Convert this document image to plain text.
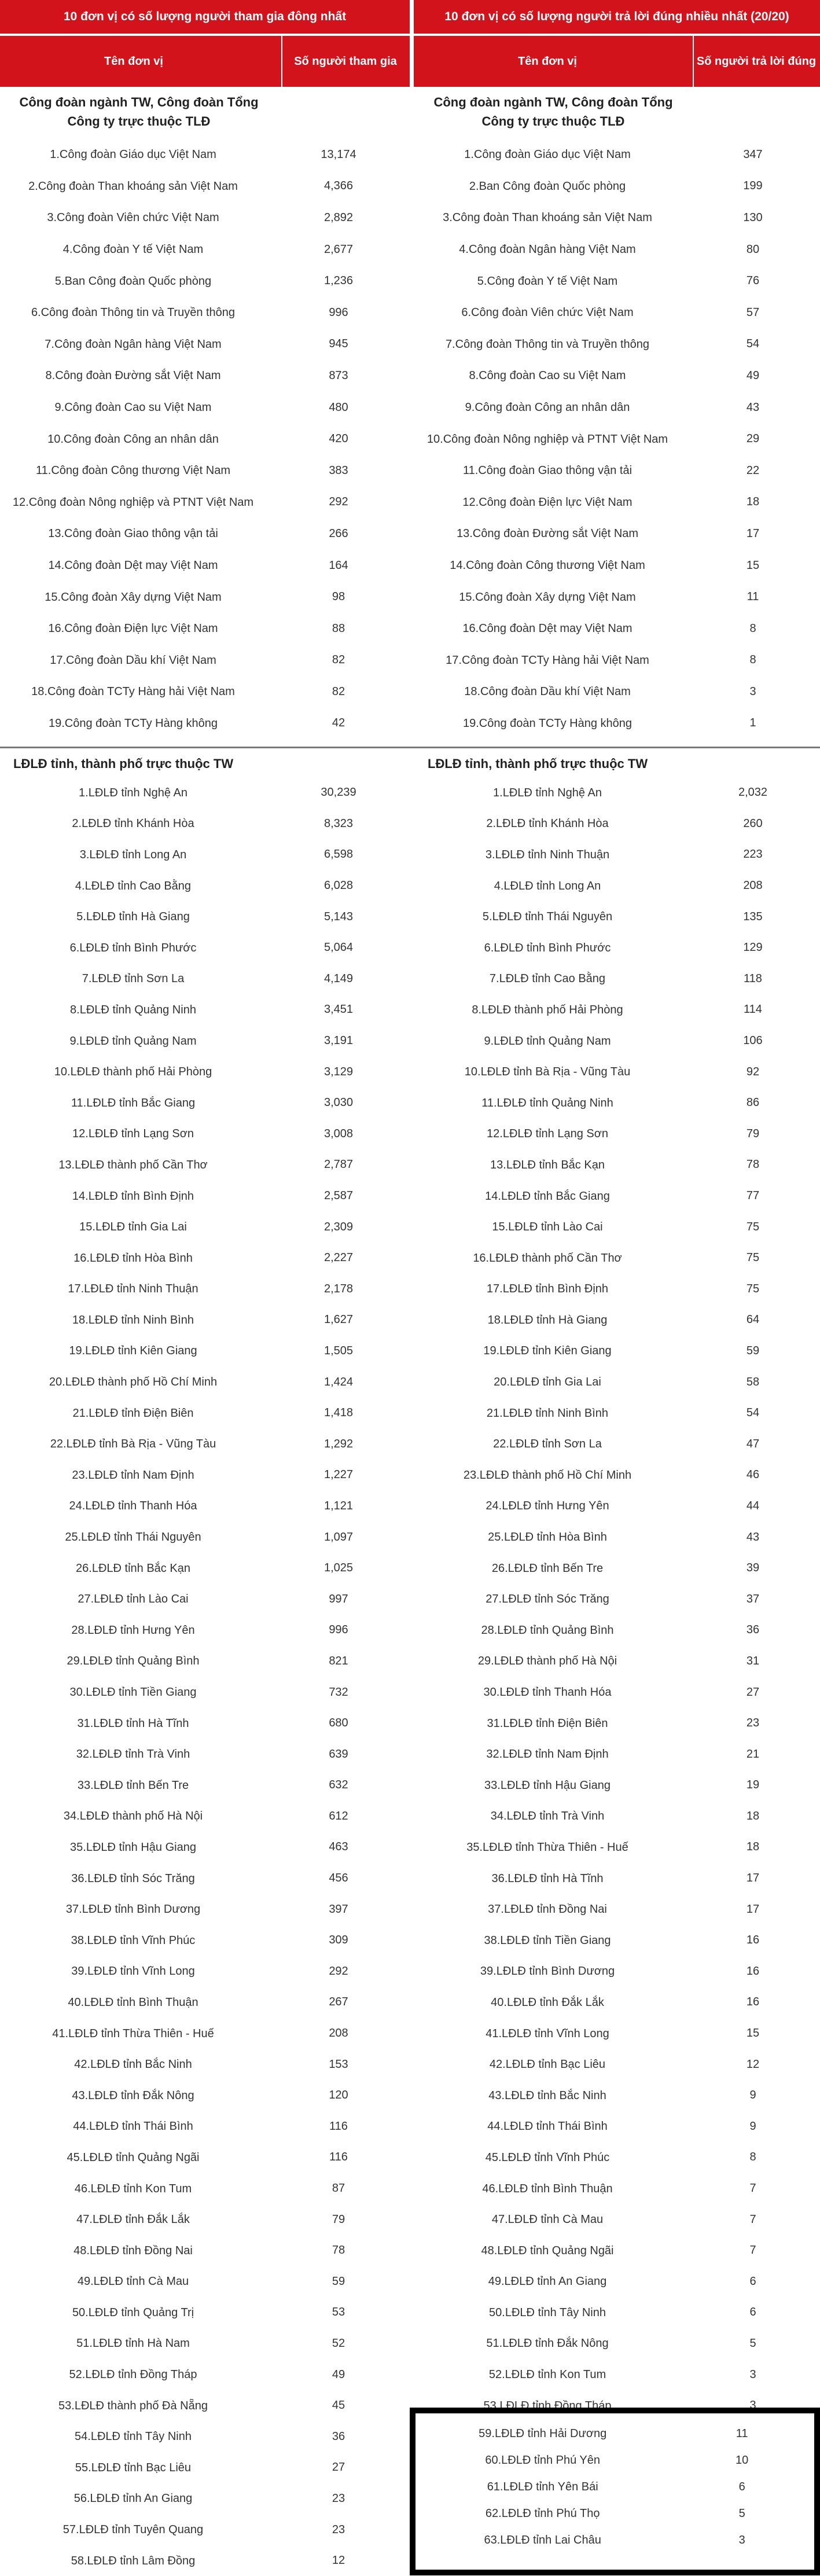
10 đơn vị có số lượng người tham gia đông nhất	10 đơn vị có số lượng người trả lời đúng nhiều nhất (20/20)
Tên đơn vị	Số người tham gia	Tên đơn vị	Số người trả lời đúng
Công đoàn ngành TW, Công đoàn Tổng Công ty trực thuộc TLĐ
1.Công đoàn Giáo dục Việt Nam	13,174
2.Công đoàn Than khoáng sản Việt Nam	4,366
3.Công đoàn Viên chức Việt Nam	2,892
4.Công đoàn Y tế Việt Nam	2,677
5.Ban Công đoàn Quốc phòng	1,236
6.Công đoàn Thông tin và Truyền thông	996
7.Công đoàn Ngân hàng Việt Nam	945
8.Công đoàn Đường sắt Việt Nam	873
9.Công đoàn Cao su Việt Nam	480
10.Công đoàn Công an nhân dân	420
11.Công đoàn Công thương Việt Nam	383
12.Công đoàn Nông nghiệp và PTNT Việt Nam	292
13.Công đoàn Giao thông vận tải	266
14.Công đoàn Dệt may Việt Nam	164
15.Công đoàn Xây dựng Việt Nam	98
16.Công đoàn Điện lực Việt Nam	88
17.Công đoàn Dầu khí Việt Nam	82
18.Công đoàn TCTy Hàng hải Việt Nam	82
19.Công đoàn TCTy Hàng không	42
Công đoàn ngành TW, Công đoàn Tổng Công ty trực thuộc TLĐ
1.Công đoàn Giáo dục Việt Nam	347
2.Ban Công đoàn Quốc phòng	199
3.Công đoàn Than khoáng sản Việt Nam	130
4.Công đoàn Ngân hàng Việt Nam	80
5.Công đoàn Y tế Việt Nam	76
6.Công đoàn Viên chức Việt Nam	57
7.Công đoàn Thông tin và Truyền thông	54
8.Công đoàn Cao su Việt Nam	49
9.Công đoàn Công an nhân dân	43
10.Công đoàn Nông nghiệp và PTNT Việt Nam	29
11.Công đoàn Giao thông vận tải	22
12.Công đoàn Điện lực Việt Nam	18
13.Công đoàn Đường sắt Việt Nam	17
14.Công đoàn Công thương Việt Nam	15
15.Công đoàn Xây dựng Việt Nam	11
16.Công đoàn Dệt may Việt Nam	8
17.Công đoàn TCTy Hàng hải Việt Nam	8
18.Công đoàn Dầu khí Việt Nam	3
19.Công đoàn TCTy Hàng không	1
LĐLĐ tỉnh, thành phố trực thuộc TW
1.LĐLĐ tỉnh Nghệ An	30,239
2.LĐLĐ tỉnh Khánh Hòa	8,323
3.LĐLĐ tỉnh Long An	6,598
4.LĐLĐ tỉnh Cao Bằng	6,028
5.LĐLĐ tỉnh Hà Giang	5,143
6.LĐLĐ tỉnh Bình Phước	5,064
7.LĐLĐ tỉnh Sơn La	4,149
8.LĐLĐ tỉnh Quảng Ninh	3,451
9.LĐLĐ tỉnh Quảng Nam	3,191
10.LĐLĐ thành phố Hải Phòng	3,129
11.LĐLĐ tỉnh Bắc Giang	3,030
12.LĐLĐ tỉnh Lạng Sơn	3,008
13.LĐLĐ thành phố Cần Thơ	2,787
14.LĐLĐ tỉnh Bình Định	2,587
15.LĐLĐ tỉnh Gia Lai	2,309
16.LĐLĐ tỉnh Hòa Bình	2,227
17.LĐLĐ tỉnh Ninh Thuận	2,178
18.LĐLĐ tỉnh Ninh Bình	1,627
19.LĐLĐ tỉnh Kiên Giang	1,505
20.LĐLĐ thành phố Hồ Chí Minh	1,424
21.LĐLĐ tỉnh Điện Biên	1,418
22.LĐLĐ tỉnh Bà Rịa - Vũng Tàu	1,292
23.LĐLĐ tỉnh Nam Định	1,227
24.LĐLĐ tỉnh Thanh Hóa	1,121
25.LĐLĐ tỉnh Thái Nguyên	1,097
26.LĐLĐ tỉnh Bắc Kạn	1,025
27.LĐLĐ tỉnh Lào Cai	997
28.LĐLĐ tỉnh Hưng Yên	996
29.LĐLĐ tỉnh Quảng Bình	821
30.LĐLĐ tỉnh Tiền Giang	732
31.LĐLĐ tỉnh Hà Tĩnh	680
32.LĐLĐ tỉnh Trà Vinh	639
33.LĐLĐ tỉnh Bến Tre	632
34.LĐLĐ thành phố Hà Nội	612
35.LĐLĐ tỉnh Hậu Giang	463
36.LĐLĐ tỉnh Sóc Trăng	456
37.LĐLĐ tỉnh Bình Dương	397
38.LĐLĐ tỉnh Vĩnh Phúc	309
39.LĐLĐ tỉnh Vĩnh Long	292
40.LĐLĐ tỉnh Bình Thuận	267
41.LĐLĐ tỉnh Thừa Thiên - Huế	208
42.LĐLĐ tỉnh Bắc Ninh	153
43.LĐLĐ tỉnh Đắk Nông	120
44.LĐLĐ tỉnh Thái Bình	116
45.LĐLĐ tỉnh Quảng Ngãi	116
46.LĐLĐ tỉnh Kon Tum	87
47.LĐLĐ tỉnh Đắk Lắk	79
48.LĐLĐ tỉnh Đồng Nai	78
49.LĐLĐ tỉnh Cà Mau	59
50.LĐLĐ tỉnh Quảng Trị	53
51.LĐLĐ tỉnh Hà Nam	52
52.LĐLĐ tỉnh Đồng Tháp	49
53.LĐLĐ thành phố Đà Nẵng	45
54.LĐLĐ tỉnh Tây Ninh	36
55.LĐLĐ tỉnh Bạc Liêu	27
56.LĐLĐ tỉnh An Giang	23
57.LĐLĐ tỉnh Tuyên Quang	23
58.LĐLĐ tỉnh Lâm Đồng	12
LĐLĐ tỉnh, thành phố trực thuộc TW
1.LĐLĐ tỉnh Nghệ An	2,032
2.LĐLĐ tỉnh Khánh Hòa	260
3.LĐLĐ tỉnh Ninh Thuận	223
4.LĐLĐ tỉnh Long An	208
5.LĐLĐ tỉnh Thái Nguyên	135
6.LĐLĐ tỉnh Bình Phước	129
7.LĐLĐ tỉnh Cao Bằng	118
8.LĐLĐ thành phố Hải Phòng	114
9.LĐLĐ tỉnh Quảng Nam	106
10.LĐLĐ tỉnh Bà Rịa - Vũng Tàu	92
11.LĐLĐ tỉnh Quảng Ninh	86
12.LĐLĐ tỉnh Lạng Sơn	79
13.LĐLĐ tỉnh Bắc Kạn	78
14.LĐLĐ tỉnh Bắc Giang	77
15.LĐLĐ tỉnh Lào Cai	75
16.LĐLĐ thành phố Cần Thơ	75
17.LĐLĐ tỉnh Bình Định	75
18.LĐLĐ tỉnh Hà Giang	64
19.LĐLĐ tỉnh Kiên Giang	59
20.LĐLĐ tỉnh Gia Lai	58
21.LĐLĐ tỉnh Ninh Bình	54
22.LĐLĐ tỉnh Sơn La	47
23.LĐLĐ thành phố Hồ Chí Minh	46
24.LĐLĐ tỉnh Hưng Yên	44
25.LĐLĐ tỉnh Hòa Bình	43
26.LĐLĐ tỉnh Bến Tre	39
27.LĐLĐ tỉnh Sóc Trăng	37
28.LĐLĐ tỉnh Quảng Bình	36
29.LĐLĐ thành phố Hà Nội	31
30.LĐLĐ tỉnh Thanh Hóa	27
31.LĐLĐ tỉnh Điện Biên	23
32.LĐLĐ tỉnh Nam Định	21
33.LĐLĐ tỉnh Hậu Giang	19
34.LĐLĐ tỉnh Trà Vinh	18
35.LĐLĐ tỉnh Thừa Thiên - Huế	18
36.LĐLĐ tỉnh Hà Tĩnh	17
37.LĐLĐ tỉnh Đồng Nai	17
38.LĐLĐ tỉnh Tiền Giang	16
39.LĐLĐ tỉnh Bình Dương	16
40.LĐLĐ tỉnh Đắk Lắk	16
41.LĐLĐ tỉnh Vĩnh Long	15
42.LĐLĐ tỉnh Bạc Liêu	12
43.LĐLĐ tỉnh Bắc Ninh	9
44.LĐLĐ tỉnh Thái Bình	9
45.LĐLĐ tỉnh Vĩnh Phúc	8
46.LĐLĐ tỉnh Bình Thuận	7
47.LĐLĐ tỉnh Cà Mau	7
48.LĐLĐ tỉnh Quảng Ngãi	7
49.LĐLĐ tỉnh An Giang	6
50.LĐLĐ tỉnh Tây Ninh	6
51.LĐLĐ tỉnh Đắk Nông	5
52.LĐLĐ tỉnh Kon Tum	3
53.LĐLĐ tỉnh Đồng Tháp	3
59.LĐLĐ tỉnh Hải Dương	11
60.LĐLĐ tỉnh Phú Yên	10
61.LĐLĐ tỉnh Yên Bái	6
62.LĐLĐ tỉnh Phú Thọ	5
63.LĐLĐ tỉnh Lai Châu	3
